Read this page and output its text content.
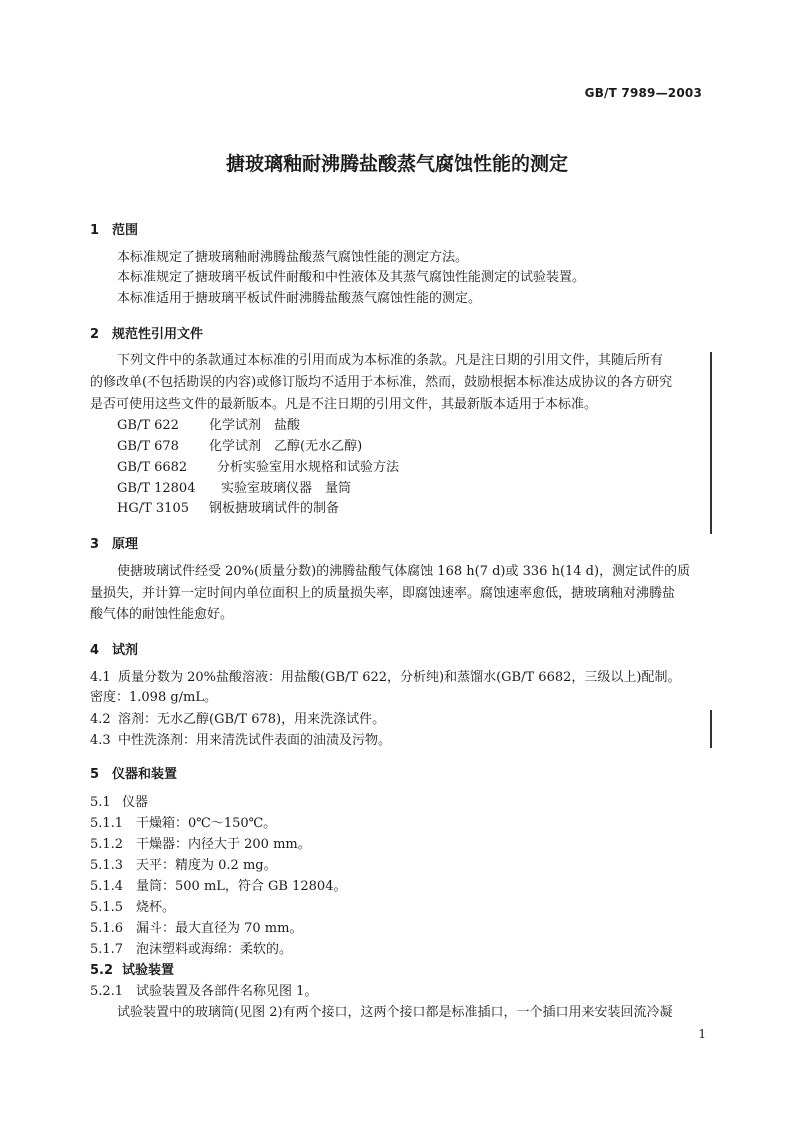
GB/T 7989—2003
搪玻璃釉耐沸腾盐酸蒸气腐蚀性能的测定
1 范围
本标准规定了搪玻璃釉耐沸腾盐酸蒸气腐蚀性能的测定方法。
本标准规定了搪玻璃平板试件耐酸和中性液体及其蒸气腐蚀性能测定的试验装置。
本标准适用于搪玻璃平板试件耐沸腾盐酸蒸气腐蚀性能的测定。
2 规范性引用文件
下列文件中的条款通过本标准的引用而成为本标准的条款。凡是注日期的引用文件，其随后所有
的修改单(不包括勘误的内容)或修订版均不适用于本标准，然而，鼓励根据本标准达成协议的各方研究
是否可使用这些文件的最新版本。凡是不注日期的引用文件，其最新版本适用于本标准。
GB/T 622 化学试剂　盐酸
GB/T 678 化学试剂　乙醇(无水乙醇)
GB/T 6682 分析实验室用水规格和试验方法
GB/T 12804 实验室玻璃仪器　量筒
HG/T 3105 钢板搪玻璃试件的制备
3 原理
使搪玻璃试件经受 20%(质量分数)的沸腾盐酸气体腐蚀 168 h(7 d)或 336 h(14 d)，测定试件的质
量损失，并计算一定时间内单位面积上的质量损失率，即腐蚀速率。腐蚀速率愈低，搪玻璃釉对沸腾盐
酸气体的耐蚀性能愈好。
4 试剂
4.1 质量分数为 20%盐酸溶液：用盐酸(GB/T 622，分析纯)和蒸馏水(GB/T 6682，三级以上)配制。
密度：1.098 g/mL。
4.2 溶剂：无水乙醇(GB/T 678)，用来洗涤试件。
4.3 中性洗涤剂：用来清洗试件表面的油渍及污物。
5 仪器和装置
5.1 仪器
5.1.1 干燥箱：0℃～150℃。
5.1.2 干燥器：内径大于 200 mm。
5.1.3 天平：精度为 0.2 mg。
5.1.4 量筒：500 mL，符合 GB 12804。
5.1.5 烧杯。
5.1.6 漏斗：最大直径为 70 mm。
5.1.7 泡沫塑料或海绵：柔软的。
5.2 试验装置
5.2.1 试验装置及各部件名称见图 1。
试验装置中的玻璃筒(见图 2)有两个接口，这两个接口都是标准插口，一个插口用来安装回流冷凝
1
